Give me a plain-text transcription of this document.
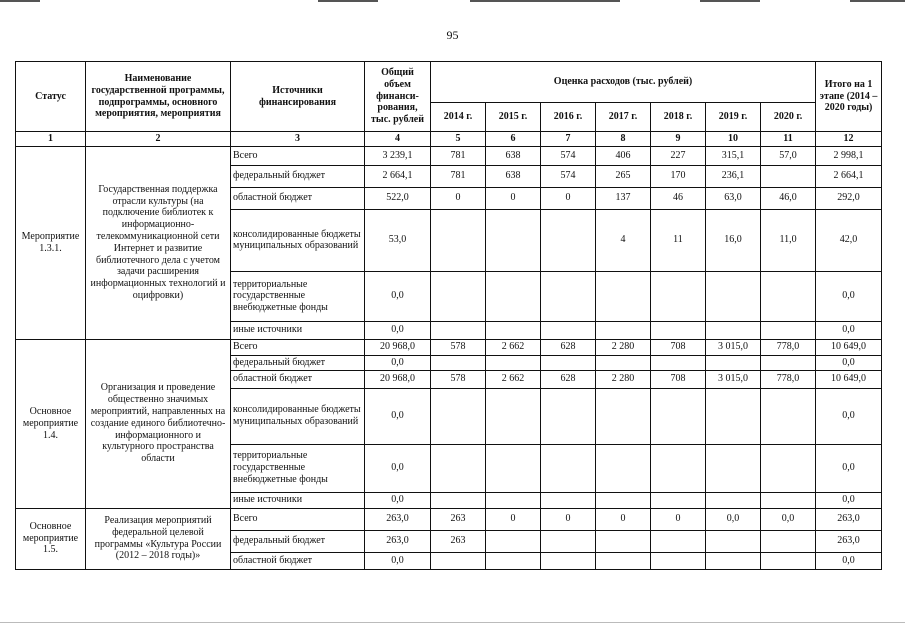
95
Статус	Наименование государственной программы, подпрограммы, основного мероприятия, мероприятия	Источники финансирования	Общий объем финанси-рования, тыс. рублей	Оценка расходов (тыс. рублей)							Итого на 1 этапе (2014 – 2020 годы)
				2014 г.	2015 г.	2016 г.	2017 г.	2018 г.	2019 г.	2020 г.	
1	2	3	4	5	6	7	8	9	10	11	12
Мероприятие 1.3.1.	Государственная поддержка отрасли культуры (на подключение библиотек к информационно-телекоммуникационной сети Интернет и развитие библиотечного дела с учетом задачи расширения информационных технологий и оцифровки)	Всего	3 239,1	781	638	574	406	227	315,1	57,0	2 998,1
		федеральный бюджет	2 664,1	781	638	574	265	170	236,1		2 664,1
		областной бюджет	522,0	0	0	0	137	46	63,0	46,0	292,0
		консолидированные бюджеты муниципальных образований	53,0				4	11	16,0	11,0	42,0
		территориальные государственные внебюджетные фонды	0,0								0,0
		иные источники	0,0								0,0
Основное мероприятие 1.4.	Организация и проведение общественно значимых мероприятий, направленных на создание единого библиотечно-информационного и культурного пространства области	Всего	20 968,0	578	2 662	628	2 280	708	3 015,0	778,0	10 649,0
		федеральный бюджет	0,0								0,0
		областной бюджет	20 968,0	578	2 662	628	2 280	708	3 015,0	778,0	10 649,0
		консолидированные бюджеты муниципальных образований	0,0								0,0
		территориальные государственные внебюджетные фонды	0,0								0,0
		иные источники	0,0								0,0
Основное мероприятие 1.5.	Реализация мероприятий федеральной целевой программы «Культура России (2012 – 2018 годы)»	Всего	263,0	263	0	0	0	0	0,0	0,0	263,0
		федеральный бюджет	263,0	263							263,0
		областной бюджет	0,0								0,0
